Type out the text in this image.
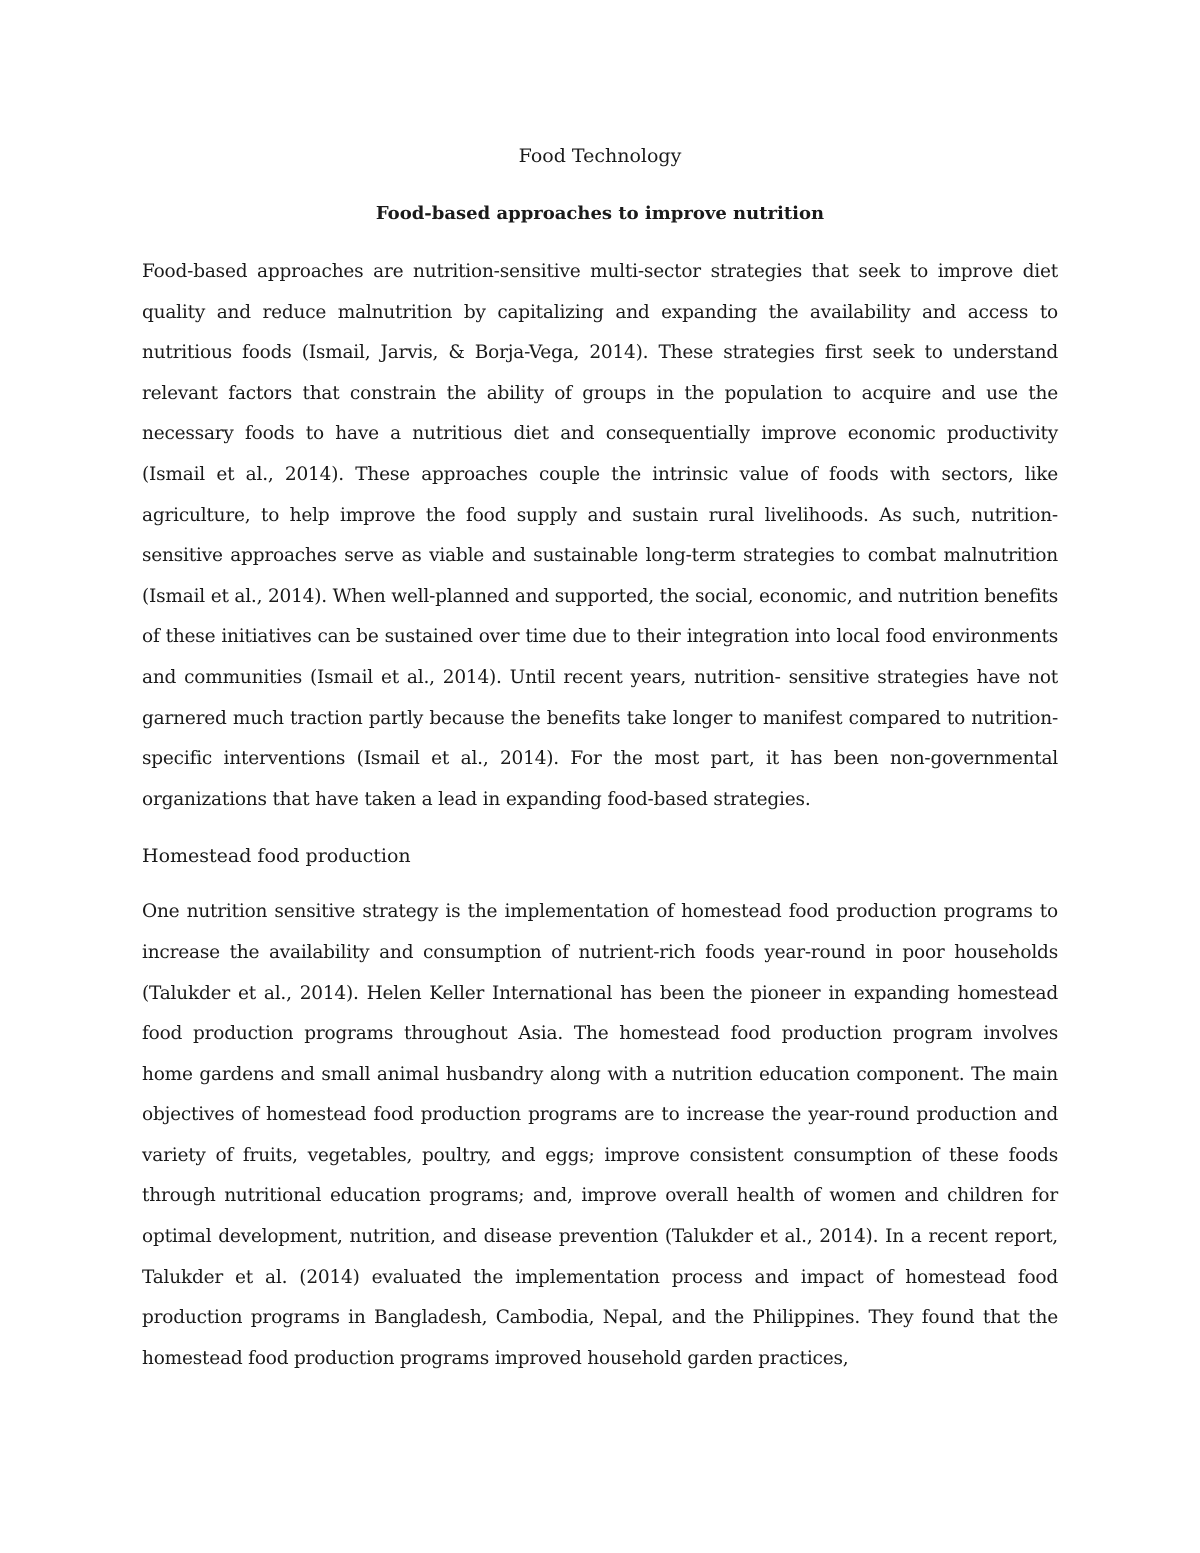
Food Technology
Food-based approaches to improve nutrition

Food-based approaches are nutrition-sensitive multi-sector strategies that seek to improve diet quality and reduce malnutrition by capitalizing and expanding the availability and access to nutritious foods (Ismail, Jarvis, & Borja-Vega, 2014). These strategies first seek to understand relevant factors that constrain the ability of groups in the population to acquire and use the necessary foods to have a nutritious diet and consequentially improve economic productivity (Ismail et al., 2014). These approaches couple the intrinsic value of foods with sectors, like agriculture, to help improve the food supply and sustain rural livelihoods. As such, nutrition-sensitive approaches serve as viable and sustainable long-term strategies to combat malnutrition (Ismail et al., 2014). When well-planned and supported, the social, economic, and nutrition benefits of these initiatives can be sustained over time due to their integration into local food environments and communities (Ismail et al., 2014). Until recent years, nutrition- sensitive strategies have not garnered much traction partly because the benefits take longer to manifest compared to nutrition-specific interventions (Ismail et al., 2014). For the most part, it has been non-governmental organizations that have taken a lead in expanding food-based strategies.

Homestead food production

One nutrition sensitive strategy is the implementation of homestead food production programs to increase the availability and consumption of nutrient-rich foods year-round in poor households (Talukder et al., 2014). Helen Keller International has been the pioneer in expanding homestead food production programs throughout Asia. The homestead food production program involves home gardens and small animal husbandry along with a nutrition education component. The main objectives of homestead food production programs are to increase the year-round production and variety of fruits, vegetables, poultry, and eggs; improve consistent consumption of these foods through nutritional education programs; and, improve overall health of women and children for optimal development, nutrition, and disease prevention (Talukder et al., 2014). In a recent report, Talukder et al. (2014) evaluated the implementation process and impact of homestead food production programs in Bangladesh, Cambodia, Nepal, and the Philippines. They found that the homestead food production programs improved household garden practices,
